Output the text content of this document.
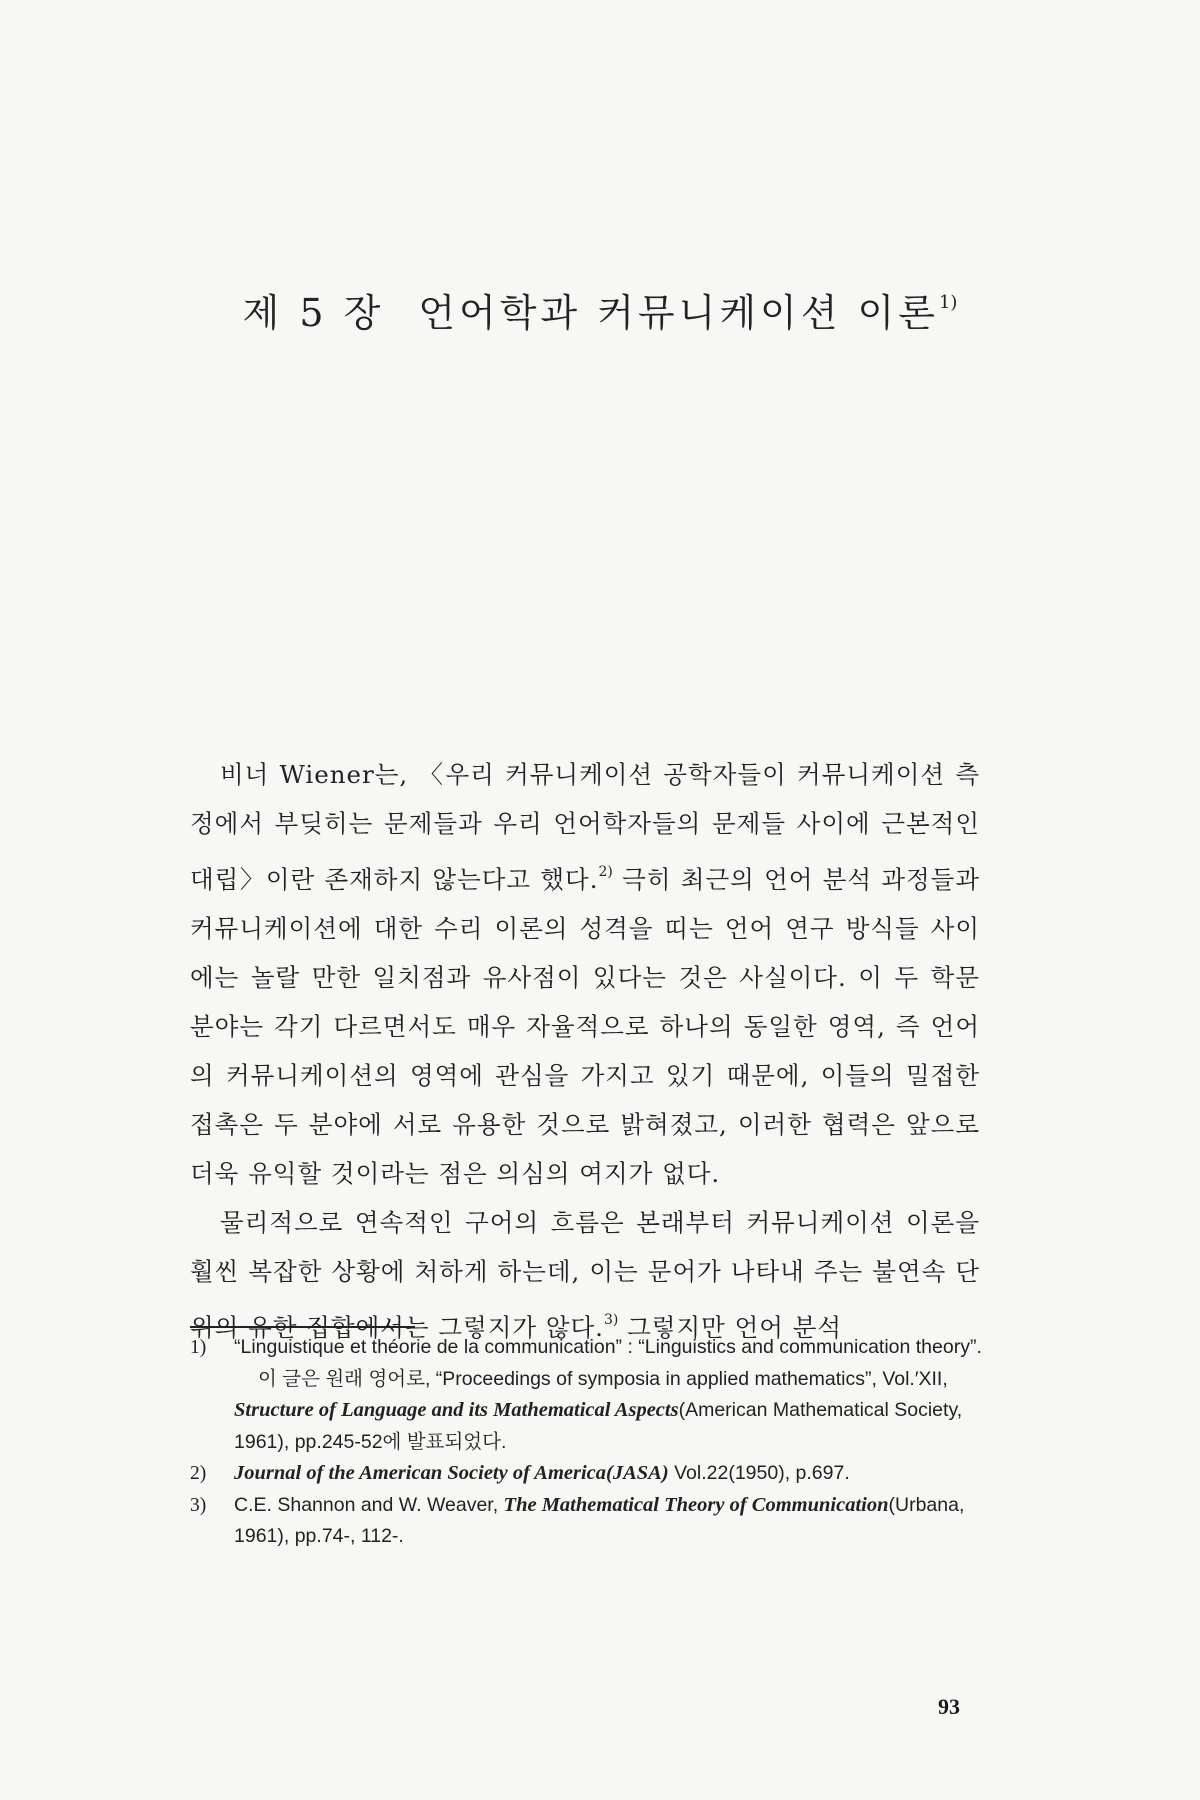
제 5 장 언어학과 커뮤니케이션 이론$^{1)}$

비너 Wiener는, 〈우리 커뮤니케이션 공학자들이 커뮤니케이션 측정에서 부딪히는 문제들과 우리 언어학자들의 문제들 사이에 근본적인 대립〉이란 존재하지 않는다고 했다.$^{2)}$ 극히 최근의 언어 분석 과정들과 커뮤니케이션에 대한 수리 이론의 성격을 띠는 언어 연구 방식들 사이에는 놀랄 만한 일치점과 유사점이 있다는 것은 사실이다. 이 두 학문 분야는 각기 다르면서도 매우 자율적으로 하나의 동일한 영역, 즉 언어의 커뮤니케이션의 영역에 관심을 가지고 있기 때문에, 이들의 밀접한 접촉은 두 분야에 서로 유용한 것으로 밝혀졌고, 이러한 협력은 앞으로 더욱 유익할 것이라는 점은 의심의 여지가 없다.

물리적으로 연속적인 구어의 흐름은 본래부터 커뮤니케이션 이론을 훨씬 복잡한 상황에 처하게 하는데, 이는 문어가 나타내 주는 불연속 단위의 유한 집합에서는 그렇지가 않다.$^{3)}$ 그렇지만 언어 분석

1) “Linguistique et théorie de la communication” : “Linguistics and communication theory”.
이 글은 원래 영어로, “Proceedings of symposia in applied mathematics”, Vol.′XII, Structure of Language and its Mathematical Aspects(American Mathematical Society, 1961), pp.245-52에 발표되었다.
2) Journal of the American Society of America(JASA) Vol.22(1950), p.697.
3) C.E. Shannon and W. Weaver, The Mathematical Theory of Communication(Urbana, 1961), pp.74-, 112-.
93
